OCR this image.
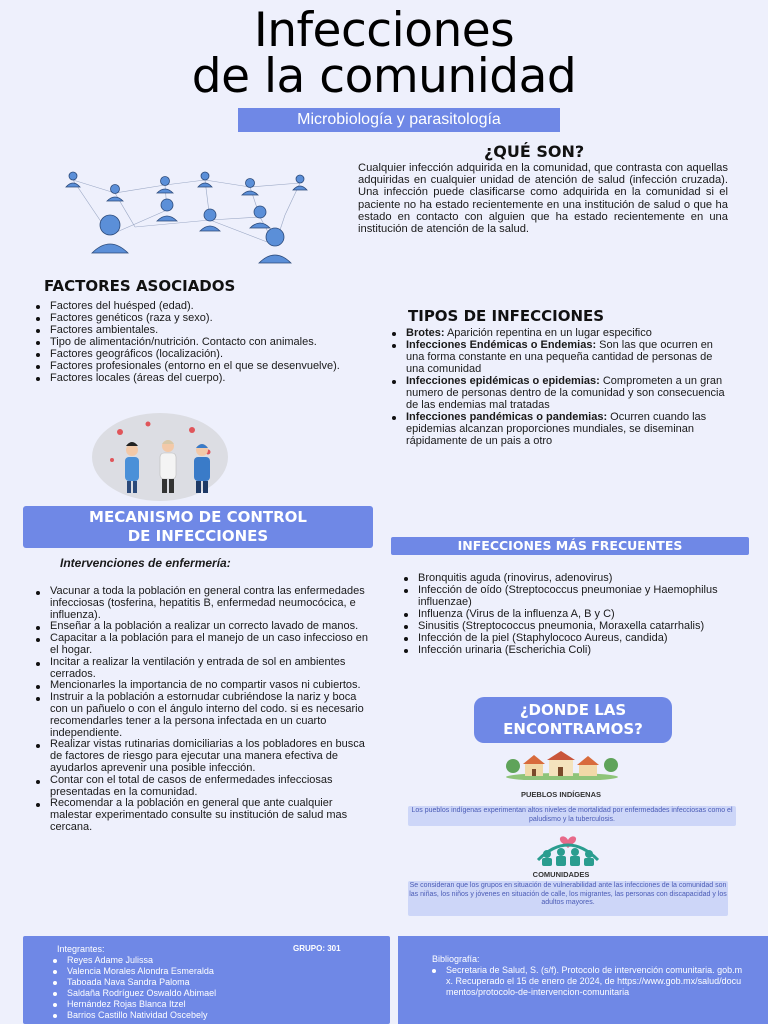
Infecciones
de la comunidad
Microbiología y parasitología
¿QUÉ SON?
Cualquier infección adquirida en la comunidad, que contrasta con aquellas adquiridas en cualquier unidad de atención de salud (infección cruzada). Una infección puede clasificarse como adquirida en la comunidad si el paciente no ha estado recientemente en una institución de salud o que ha estado en contacto con alguien que ha estado recientemente en una institución de atención de la salud.
FACTORES ASOCIADOS
Factores del huésped (edad).
Factores genéticos (raza y sexo).
Factores ambientales.
Tipo de alimentación/nutrición. Contacto con animales.
Factores geográficos (localización).
Factores profesionales (entorno en el que se desenvuelve).
Factores locales (áreas del cuerpo).
TIPOS DE INFECCIONES
Brotes: Aparición repentina en un lugar especifico
Infecciones Endémicas o Endemias: Son las que ocurren en una forma constante en una pequeña cantidad de personas de una comunidad
Infecciones epidémicas o epidemias: Comprometen a un gran numero de personas dentro de la comunidad y son consecuencia de las endemias mal tratadas
Infecciones pandémicas o pandemias: Ocurren cuando las epidemias alcanzan proporciones mundiales, se diseminan rápidamente de un pais a otro
MECANISMO DE CONTROL
DE INFECCIONES
Intervenciones de enfermería:
Vacunar a toda la población en general contra las enfermedades infecciosas (tosferina, hepatitis B, enfermedad neumocócica, e influenza).
Enseñar a la población a realizar un correcto lavado de manos.
Capacitar a la población para el manejo de un caso infeccioso en el hogar.
Incitar a realizar la ventilación y entrada de sol en ambientes cerrados.
Mencionarles la importancia de no compartir vasos ni cubiertos.
Instruir a la población a estornudar cubriéndose la nariz y boca con un pañuelo o con el ángulo interno del codo. si es necesario recomendarles tener a la persona infectada en un cuarto independiente.
Realizar vistas rutinarias domiciliarias a los pobladores en busca de factores de riesgo para ejecutar una manera efectiva de ayudarlos aprevenir una posible infección.
Contar con el total de casos de enfermedades infecciosas presentadas en la comunidad.
Recomendar a la población en general que ante cualquier malestar experimentado consulte su institución de salud mas cercana.
INFECCIONES MÁS FRECUENTES
Bronquitis aguda (rinovirus, adenovirus)
Infección de oído (Streptococcus pneumoniae y Haemophilus influenzae)
Influenza (Virus de la influenza A, B y C)
Sinusitis (Streptococcus pneumonia, Moraxella catarrhalis)
Infección de la piel (Staphylococo Aureus, candida)
Infección urinaria (Escherichia Coli)
¿DONDE LAS
ENCONTRAMOS?
PUEBLOS INDÍGENAS
Los pueblos indígenas experimentan altos niveles de mortalidad por enfermedades infecciosas como el paludismo y la tuberculosis.
COMUNIDADES
Se consideran que los grupos en situación de vulnerabilidad ante las infecciones de la comunidad son las niñas, los niños y jóvenes en situación de calle, los migrantes, las personas con discapacidad y los adultos mayores.
Integrantes:	GRUPO: 301
Reyes Adame Julissa
Valencia Morales Alondra Esmeralda
Taboada Nava Sandra Paloma
Saldaña Rodríguez Oswaldo Abimael
Hernández Rojas Blanca Itzel
Barrios Castillo Natividad Oscebely
Bibliografía:
Secretaria de Salud, S. (s/f). Protocolo de intervención comunitaria. gob.mx. Recuperado el 15 de enero de 2024, de https://www.gob.mx/salud/documentos/protocolo-de-intervencion-comunitaria
